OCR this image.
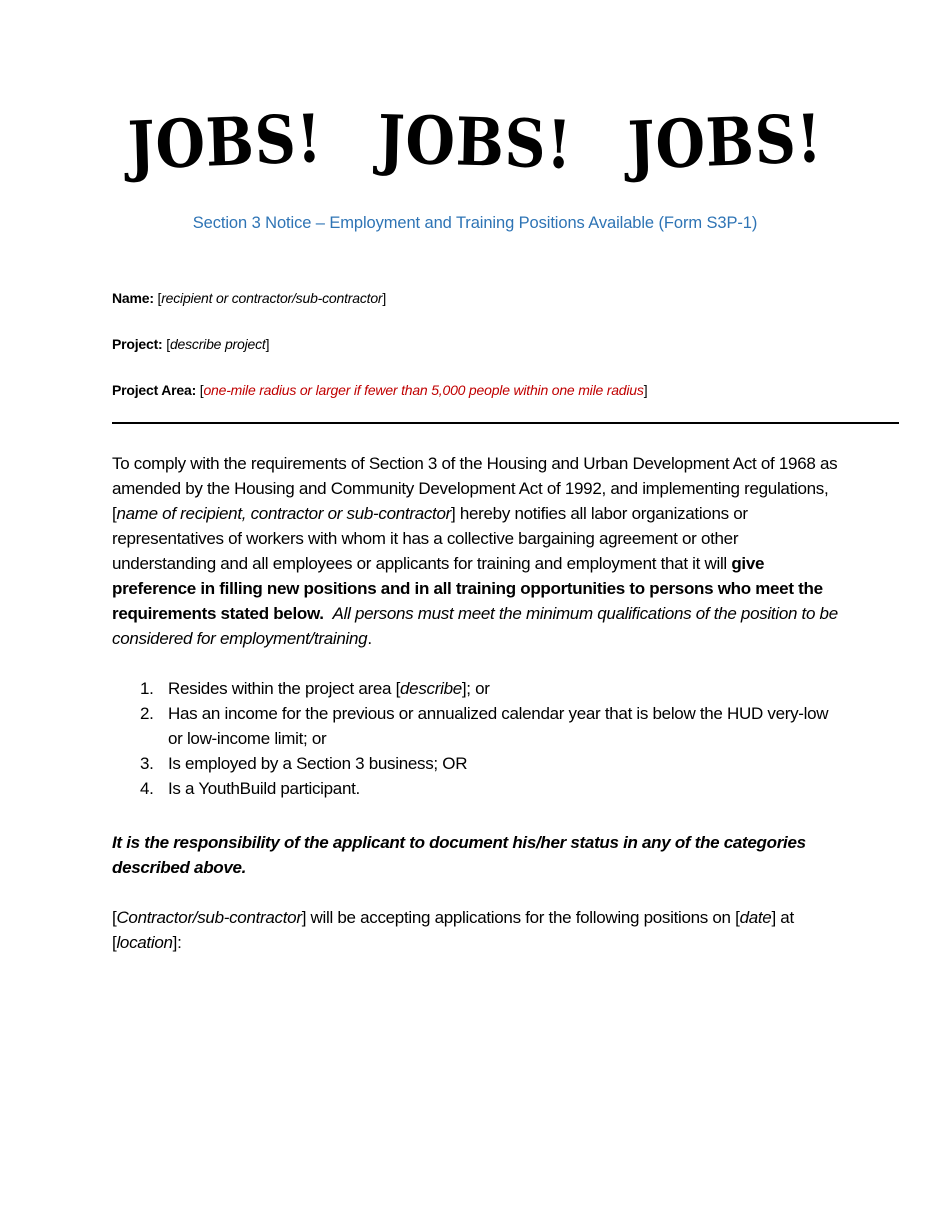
JOBS! JOBS! JOBS!
Section 3 Notice – Employment and Training Positions Available (Form S3P-1)
Name: [recipient or contractor/sub-contractor]
Project: [describe project]
Project Area: [one-mile radius or larger if fewer than 5,000 people within one mile radius]
To comply with the requirements of Section 3 of the Housing and Urban Development Act of 1968 as amended by the Housing and Community Development Act of 1992, and implementing regulations, [name of recipient, contractor or sub-contractor] hereby notifies all labor organizations or representatives of workers with whom it has a collective bargaining agreement or other understanding and all employees or applicants for training and employment that it will give preference in filling new positions and in all training opportunities to persons who meet the requirements stated below. All persons must meet the minimum qualifications of the position to be considered for employment/training.
1. Resides within the project area [describe]; or
2. Has an income for the previous or annualized calendar year that is below the HUD very-low or low-income limit; or
3. Is employed by a Section 3 business; OR
4. Is a YouthBuild participant.
It is the responsibility of the applicant to document his/her status in any of the categories described above.
[Contractor/sub-contractor] will be accepting applications for the following positions on [date] at [location]:
